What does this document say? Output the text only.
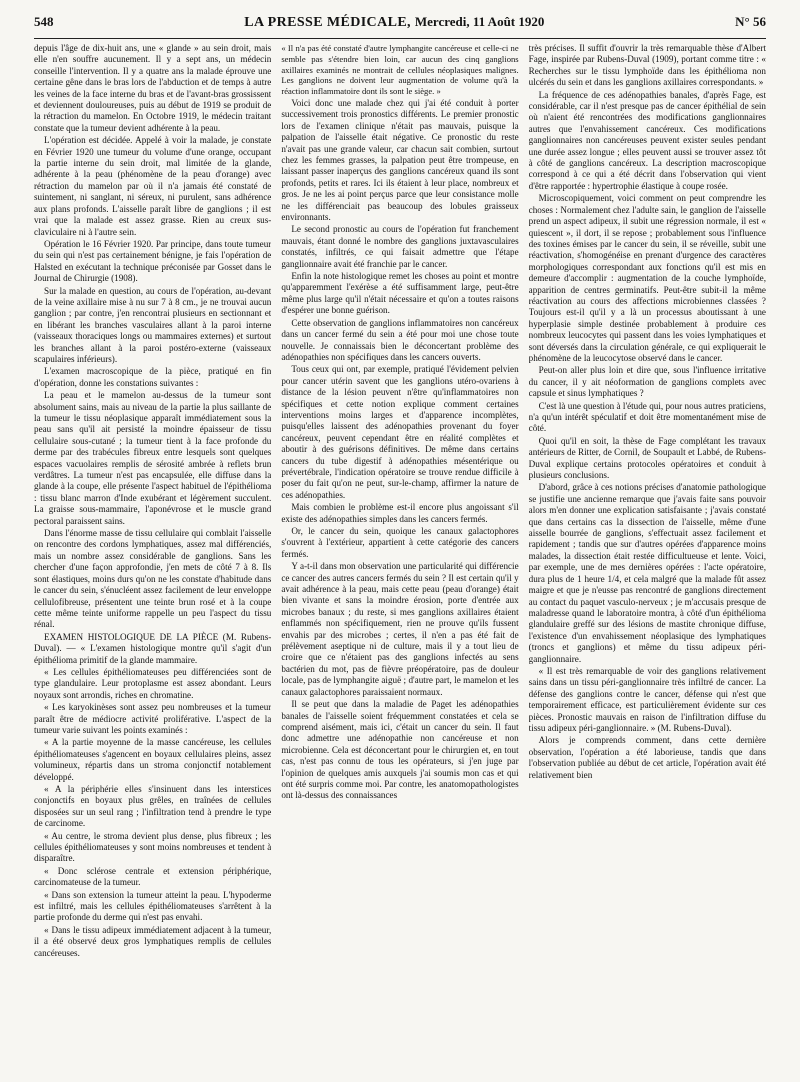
548	LA PRESSE MÉDICALE, Mercredi, 11 Août 1920	N° 56

depuis l'âge de dix-huit ans, une « glande » au sein droit, mais elle n'en souffre aucunement. Il y a sept ans, un médecin conseille l'intervention. Il y a quatre ans la malade éprouve une certaine gêne dans le bras lors de l'abduction et de temps à autre les veines de la face interne du bras et de l'avant-bras grossissent et deviennent douloureuses, puis au début de 1919 se produit de la rétraction du mamelon. En Octobre 1919, le médecin traitant constate que la tumeur devient adhérente à la peau.

L'opération est décidée. Appelé à voir la malade, je constate en Février 1920 une tumeur du volume d'une orange, occupant la partie interne du sein droit, mal limitée de la glande, adhérente à la peau (phénomène de la peau d'orange) avec rétraction du mamelon par où il n'a jamais été constaté de suintement, ni sanglant, ni séreux, ni purulent, sans adhérence aux plans profonds. L'aisselle paraît libre de ganglions ; il est vrai que la malade est assez grasse. Rien au creux sus-claviculaire ni à l'autre sein.

Opération le 16 Février 1920. Par principe, dans toute tumeur du sein qui n'est pas certainement bénigne, je fais l'opération de Halsted en exécutant la technique préconisée par Gosset dans le Journal de Chirurgie (1908).

Sur la malade en question, au cours de l'opération, au-devant de la veine axillaire mise à nu sur 7 à 8 cm., je ne trouvai aucun ganglion ; par contre, j'en rencontrai plusieurs en sectionnant et en libérant les branches vasculaires allant à la paroi interne (vaisseaux thoraciques longs ou mammaires externes) et surtout les branches allant à la paroi postéro-externe (vaisseaux scapulaires inférieurs).

L'examen macroscopique de la pièce, pratiqué en fin d'opération, donne les constations suivantes :

La peau et le mamelon au-dessus de la tumeur sont absolument sains, mais au niveau de la partie la plus saillante de la tumeur le tissu néoplasique apparaît immédiatement sous la peau sans qu'il ait persisté la moindre épaisseur de tissu cellulaire sous-cutané ; la tumeur tient à la face profonde du derme par des trabécules fibreux entre lesquels sont quelques espaces vacuolaires remplis de sérosité ambrée à reflets brun verdâtres. La tumeur n'est pas encapsulée, elle diffuse dans la glande à la coupe, elle présente l'aspect habituel de l'épithélioma : tissu blanc marron d'Inde exubérant et légèrement succulent. La graisse sous-mammaire, l'aponévrose et le muscle grand pectoral paraissent sains.

Dans l'énorme masse de tissu cellulaire qui comblait l'aisselle on rencontre des cordons lymphatiques, assez mal différenciés, mais un nombre assez considérable de ganglions. Sans les chercher d'une façon approfondie, j'en mets de côté 7 à 8. Ils sont élastiques, moins durs qu'on ne les constate d'habitude dans le cancer du sein, s'énucléent assez facilement de leur enveloppe cellulofibreuse, présentent une teinte brun rosé et à la coupe cette même teinte uniforme rappelle un peu l'aspect du tissu rénal.

EXAMEN HISTOLOGIQUE DE LA PIÈCE (M. Rubens-Duval). — « L'examen histologique montre qu'il s'agit d'un épithélioma primitif de la glande mammaire.

« Les cellules épithéliomateuses peu différenciées sont de type glandulaire. Leur protoplasme est assez abondant. Leurs noyaux sont arrondis, riches en chromatine.

« Les karyokinèses sont assez peu nombreuses et la tumeur paraît être de médiocre activité proliférative. L'aspect de la tumeur varie suivant les points examinés :

« A la partie moyenne de la masse cancéreuse, les cellules épithéliomateuses s'agencent en boyaux cellulaires pleins, assez volumineux, répartis dans un stroma conjonctif notablement développé.

« A la périphérie elles s'insinuent dans les interstices conjonctifs en boyaux plus grêles, en traînées de cellules disposées sur un seul rang ; l'infiltration tend à prendre le type de carcinome.

« Au centre, le stroma devient plus dense, plus fibreux ; les cellules épithéliomateuses y sont moins nombreuses et tendent à disparaître.

« Donc sclérose centrale et extension périphérique, carcinomateuse de la tumeur.

« Dans son extension la tumeur atteint la peau. L'hypoderme est infiltré, mais les cellules épithéliomateuses s'arrêtent à la partie profonde du derme qui n'est pas envahi.

« Dans le tissu adipeux immédiatement adjacent à la tumeur, il a été observé deux gros lymphatiques remplis de cellules cancéreuses.

« Il n'a pas été constaté d'autre lymphangite cancéreuse et celle-ci ne semble pas s'étendre bien loin, car aucun des cinq ganglions axillaires examinés ne montrait de cellules néoplasiques malignes. Les ganglions ne doivent leur augmentation de volume qu'à la réaction inflammatoire dont ils sont le siège. »

Voici donc une malade chez qui j'ai été conduit à porter successivement trois pronostics différents. Le premier pronostic lors de l'examen clinique n'était pas mauvais, puisque la palpation de l'aisselle était négative. Ce pronostic du reste n'avait pas une grande valeur, car chacun sait combien, surtout chez les femmes grasses, la palpation peut être trompeuse, en laissant passer inaperçus des ganglions cancéreux quand ils sont profonds, petits et rares. Ici ils étaient à leur place, nombreux et gros. Je ne les ai point perçus parce que leur consistance molle ne les différenciait pas beaucoup des lobules graisseux environnants.

Le second pronostic au cours de l'opération fut franchement mauvais, étant donné le nombre des ganglions juxtavasculaires constatés, infiltrés, ce qui faisait admettre que l'étape ganglionnaire avait été franchie par le cancer.

Enfin la note histologique remet les choses au point et montre qu'apparemment l'exérèse a été suffisamment large, peut-être même plus large qu'il n'était nécessaire et qu'on a toutes raisons d'espérer une bonne guérison.

Cette observation de ganglions inflammatoires non cancéreux dans un cancer fermé du sein a été pour moi une chose toute nouvelle. Je connaissais bien le déconcertant problème des adénopathies non spécifiques dans les cancers ouverts.

Tous ceux qui ont, par exemple, pratiqué l'évidement pelvien pour cancer utérin savent que les ganglions utéro-ovariens à distance de la lésion peuvent n'être qu'inflammatoires non spécifiques et cette notion explique comment certaines interventions moins larges et d'apparence incomplètes, puisqu'elles laissent des adénopathies provenant du foyer cancéreux, peuvent cependant être en réalité complètes et aboutir à des guérisons définitives. De même dans certains cancers du tube digestif à adénopathies mésentérique ou prévertébrale, l'indication opératoire se trouve rendue difficile à poser du fait qu'on ne peut, sur-le-champ, affirmer la nature de ces adénopathies.

Mais combien le problème est-il encore plus angoissant s'il existe des adénopathies simples dans les cancers fermés.

Or, le cancer du sein, quoique les canaux galactophores s'ouvrent à l'extérieur, appartient à cette catégorie des cancers fermés.

Y a-t-il dans mon observation une particularité qui différencie ce cancer des autres cancers fermés du sein ? Il est certain qu'il y avait adhérence à la peau, mais cette peau (peau d'orange) était bien vivante et sans la moindre érosion, porte d'entrée aux microbes banaux ; du reste, si mes ganglions axillaires étaient enflammés non spécifiquement, rien ne prouve qu'ils fussent envahis par des microbes ; certes, il n'en a pas été fait de prélèvement aseptique ni de culture, mais il y a tout lieu de croire que ce n'étaient pas des ganglions infectés au sens bactérien du mot, pas de fièvre préopératoire, pas de douleur locale, pas de lymphangite aiguë ; d'autre part, le mamelon et les canaux galactophores paraissaient normaux.

Il se peut que dans la maladie de Paget les adénopathies banales de l'aisselle soient fréquemment constatées et cela se comprend aisément, mais ici, c'était un cancer du sein. Il faut donc admettre une adénopathie non cancéreuse et non microbienne. Cela est déconcertant pour le chirurgien et, en tout cas, n'est pas connu de tous les opérateurs, si j'en juge par l'opinion de quelques amis auxquels j'ai soumis mon cas et qui ont été surpris comme moi. Par contre, les anatomopathologistes ont là-dessus des connaissances

très précises. Il suffit d'ouvrir la très remarquable thèse d'Albert Fage, inspirée par Rubens-Duval (1909), portant comme titre : « Recherches sur le tissu lymphoïde dans les épithélioma non ulcérés du sein et dans les ganglions axillaires correspondants. »

La fréquence de ces adénopathies banales, d'après Fage, est considérable, car il n'est presque pas de cancer épithélial de sein où n'aient été rencontrées des modifications ganglionnaires autres que l'envahissement cancéreux. Ces modifications ganglionnaires non cancéreuses peuvent exister seules pendant une durée assez longue ; elles peuvent aussi se trouver assez tôt à côté de ganglions cancéreux. La description macroscopique correspond à ce qui a été décrit dans l'observation qui vient d'être rapportée : hypertrophie élastique à coupe rosée.

Microscopiquement, voici comment on peut comprendre les choses : Normalement chez l'adulte sain, le ganglion de l'aisselle prend un aspect adipeux, il subit une régression normale, il est « quiescent », il dort, il se repose ; probablement sous l'influence des toxines émises par le cancer du sein, il se réveille, subit une réactivation, s'homogénéise en prenant d'urgence des caractères morphologiques correspondant aux fonctions qu'il est mis en demeure d'accomplir : augmentation de la couche lymphoïde, apparition de centres germinatifs. Peut-être subit-il la même réactivation au cours des affections microbiennes classées ? Toujours est-il qu'il y a là un processus aboutissant à une hyperplasie simple destinée probablement à produire ces nombreux leucocytes qui passent dans les voies lymphatiques et sont déversés dans la circulation générale, ce qui expliquerait le phénomène de la leucocytose observé dans le cancer.

Peut-on aller plus loin et dire que, sous l'influence irritative du cancer, il y ait néoformation de ganglions complets avec capsule et sinus lymphatiques ?

C'est là une question à l'étude qui, pour nous autres praticiens, n'a qu'un intérêt spéculatif et doit être momentanément mise de côté.

Quoi qu'il en soit, la thèse de Fage complétant les travaux antérieurs de Ritter, de Cornil, de Soupault et Labbé, de Rubens-Duval explique certains protocoles opératoires et conduit à plusieurs conclusions.

D'abord, grâce à ces notions précises d'anatomie pathologique se justifie une ancienne remarque que j'avais faite sans pouvoir alors m'en donner une explication satisfaisante ; j'avais constaté que dans certains cas la dissection de l'aisselle, même d'une aisselle bourrée de ganglions, s'effectuait assez facilement et rapidement ; tandis que sur d'autres opérées d'apparence moins malades, la dissection était restée difficultueuse et lente. Voici, par exemple, une de mes dernières opérées : l'acte opératoire, dura plus de 1 heure 1/4, et cela malgré que la malade fût assez maigre et que je n'eusse pas rencontré de ganglions directement au contact du paquet vasculo-nerveux ; je m'accusais presque de maladresse quand le laboratoire montra, à côté d'un épithélioma glandulaire greffé sur des lésions de mastite chronique diffuse, l'existence d'un envahissement néoplasique des lymphatiques (troncs et ganglions) et même du tissu adipeux péri-ganglionnaire.

« Il est très remarquable de voir des ganglions relativement sains dans un tissu péri-ganglionnaire très infiltré de cancer. La défense des ganglions contre le cancer, défense qui n'est que temporairement efficace, est particulièrement évidente sur ces pièces. Pronostic mauvais en raison de l'infiltration diffuse du tissu adipeux péri-ganglionnaire. » (M. Rubens-Duval).

Alors je comprends comment, dans cette dernière observation, l'opération a été laborieuse, tandis que dans l'observation publiée au début de cet article, l'opération avait été relativement bien
